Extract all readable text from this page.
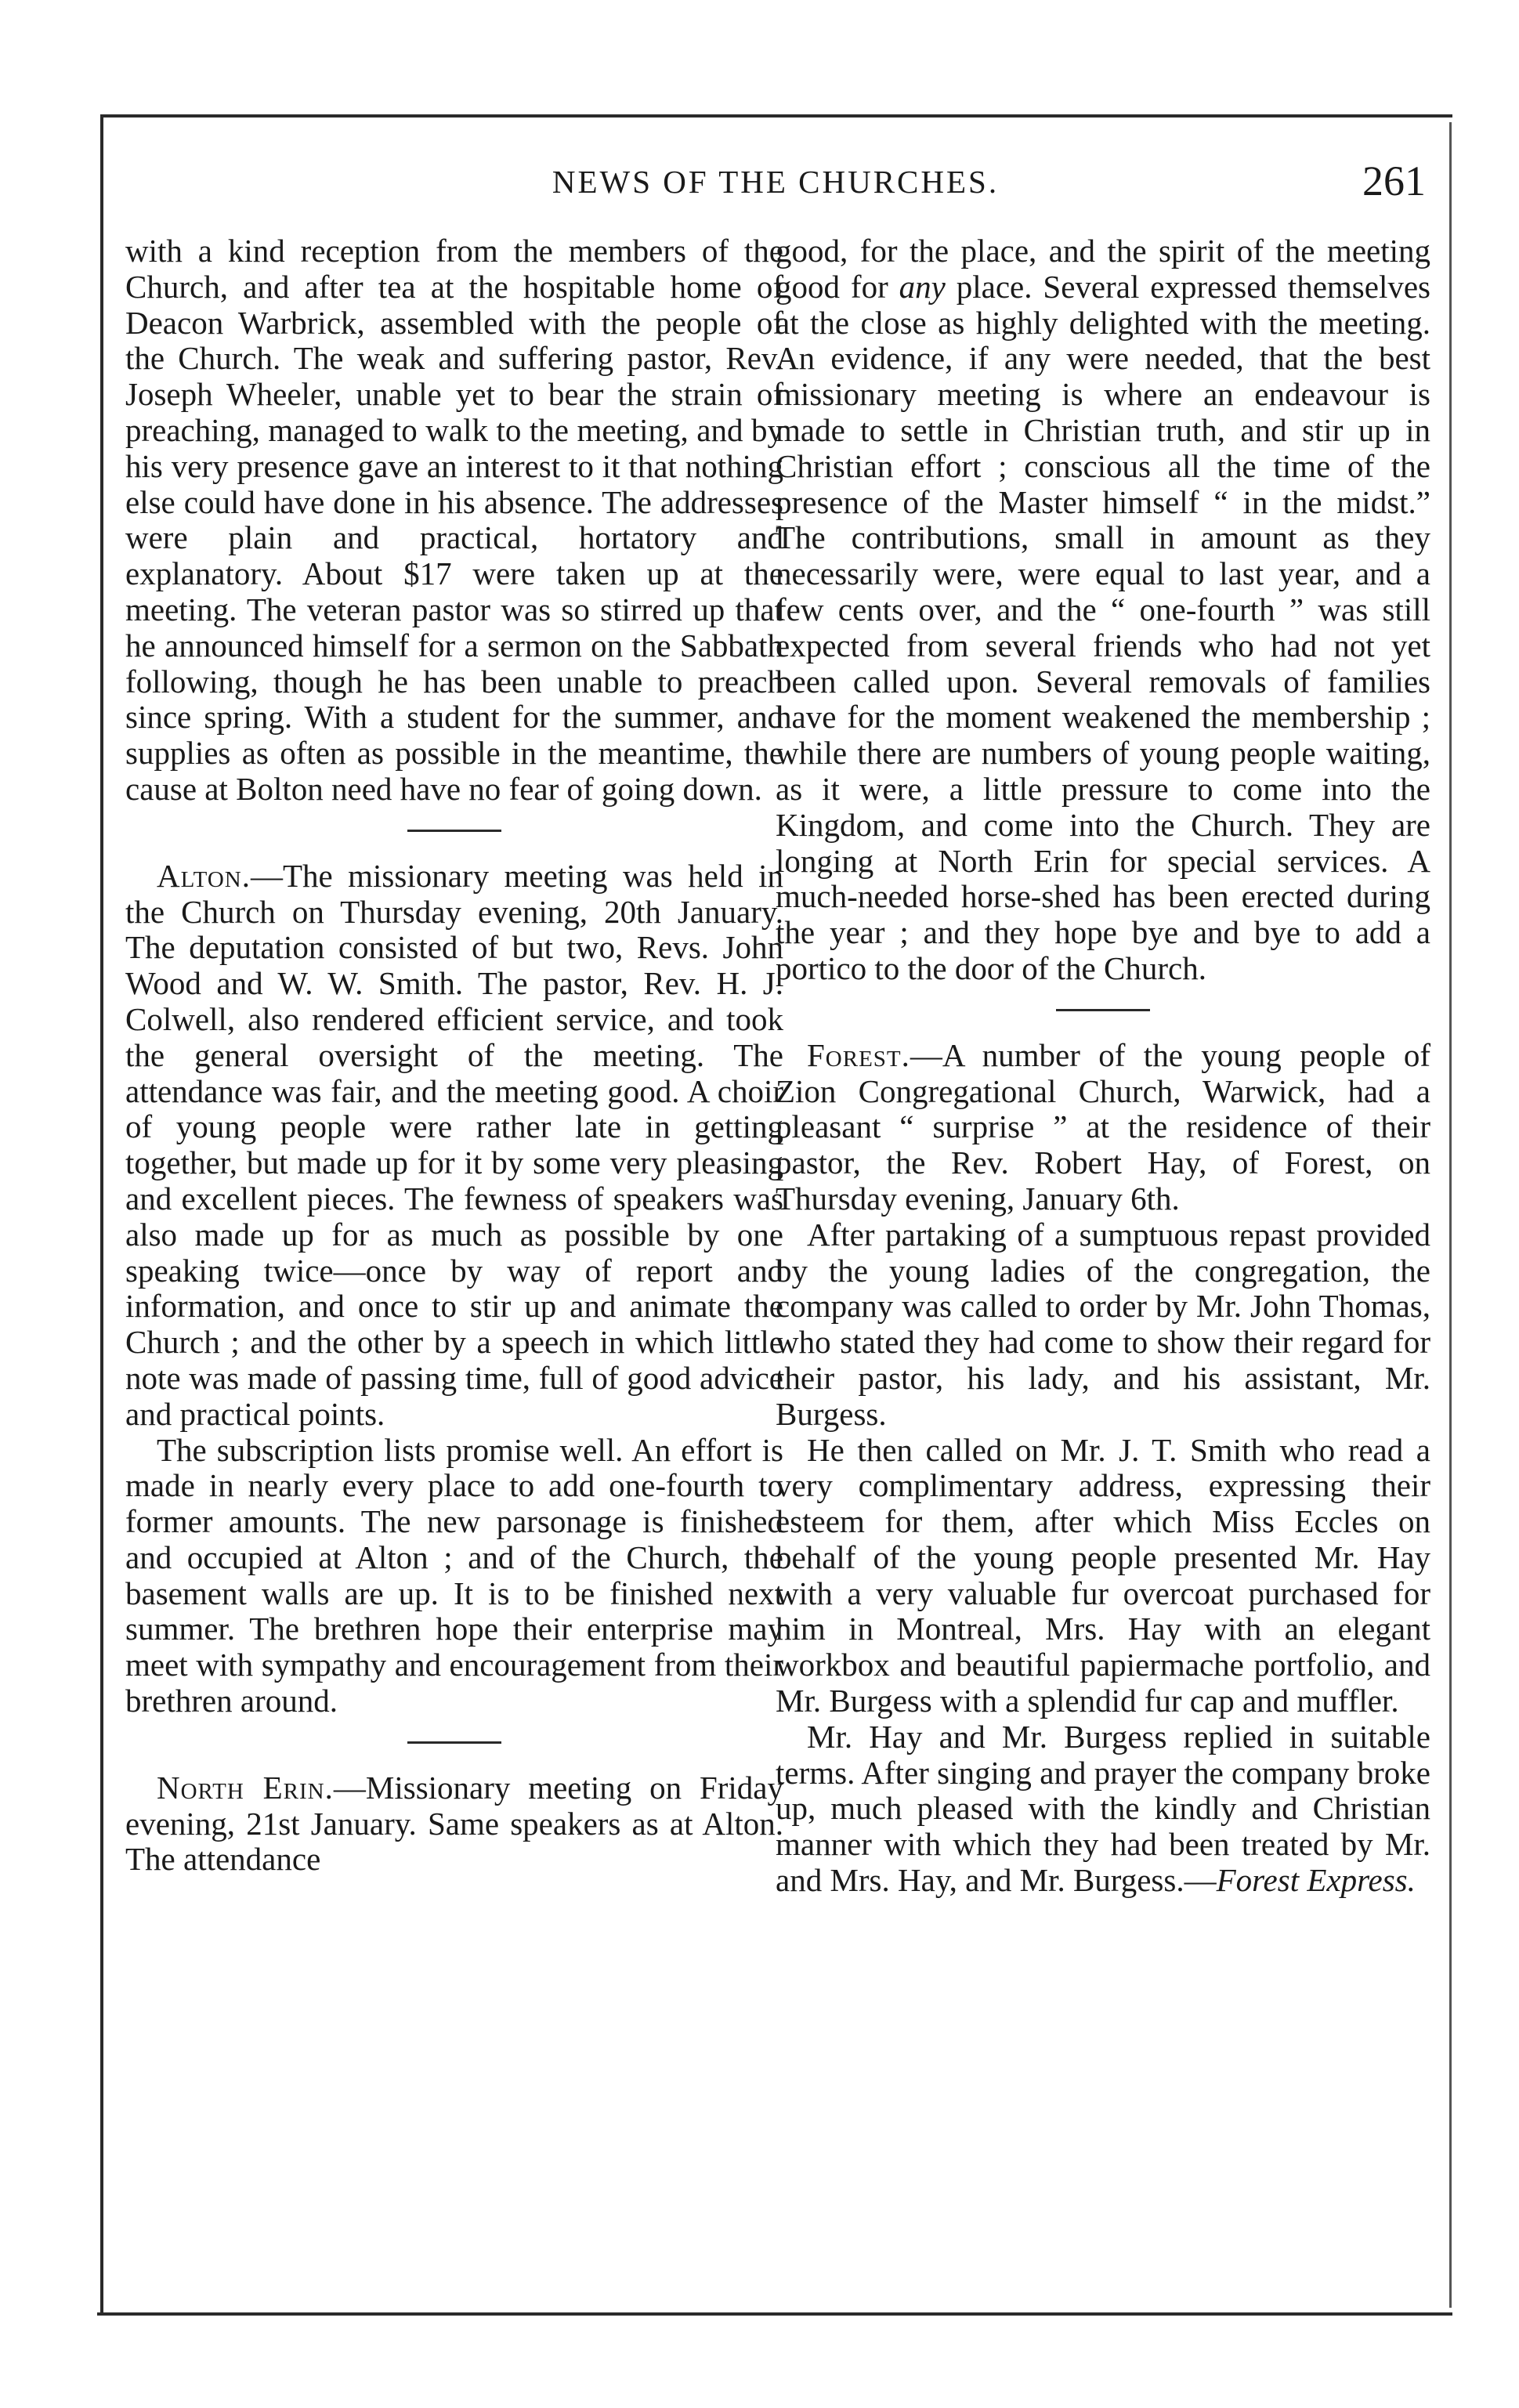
NEWS OF THE CHURCHES.	261

with a kind reception from the members of the Church, and after tea at the hospitable home of Deacon Warbrick, assembled with the people of the Church. The weak and suffering pastor, Rev. Joseph Wheeler, unable yet to bear the strain of preaching, managed to walk to the meeting, and by his very presence gave an interest to it that nothing else could have done in his absence. The addresses were plain and practical, hortatory and explanatory. About $17 were taken up at the meeting. The veteran pastor was so stirred up that he announced himself for a sermon on the Sabbath following, though he has been unable to preach since spring. With a student for the summer, and supplies as often as possible in the meantime, the cause at Bolton need have no fear of going down.

Alton.—The missionary meeting was held in the Church on Thursday evening, 20th January. The deputation consisted of but two, Revs. John Wood and W. W. Smith. The pastor, Rev. H. J. Colwell, also rendered efficient service, and took the general oversight of the meeting. The attendance was fair, and the meeting good. A choir of young people were rather late in getting together, but made up for it by some very pleasing and excellent pieces. The fewness of speakers was also made up for as much as possible by one speaking twice—once by way of report and information, and once to stir up and animate the Church ; and the other by a speech in which little note was made of passing time, full of good advice and practical points.

The subscription lists promise well. An effort is made in nearly every place to add one-fourth to former amounts. The new parsonage is finished and occupied at Alton ; and of the Church, the basement walls are up. It is to be finished next summer. The brethren hope their enterprise may meet with sympathy and encouragement from their brethren around.

North Erin.—Missionary meeting on Friday evening, 21st January. Same speakers as at Alton. The attendance

good, for the place, and the spirit of the meeting good for any place. Several expressed themselves at the close as highly delighted with the meeting. An evidence, if any were needed, that the best missionary meeting is where an endeavour is made to settle in Christian truth, and stir up in Christian effort ; conscious all the time of the presence of the Master himself “ in the midst.” The contributions, small in amount as they necessarily were, were equal to last year, and a few cents over, and the “ one-fourth ” was still expected from several friends who had not yet been called upon. Several removals of families have for the moment weakened the membership ; while there are numbers of young people waiting, as it were, a little pressure to come into the Kingdom, and come into the Church. They are longing at North Erin for special services. A much-needed horse-shed has been erected during the year ; and they hope bye and bye to add a portico to the door of the Church.

Forest.—A number of the young people of Zion Congregational Church, Warwick, had a pleasant “ surprise ” at the residence of their pastor, the Rev. Robert Hay, of Forest, on Thursday evening, January 6th.

After partaking of a sumptuous repast provided by the young ladies of the congregation, the company was called to order by Mr. John Thomas, who stated they had come to show their regard for their pastor, his lady, and his assistant, Mr. Burgess.

He then called on Mr. J. T. Smith who read a very complimentary address, expressing their esteem for them, after which Miss Eccles on behalf of the young people presented Mr. Hay with a very valuable fur overcoat purchased for him in Montreal, Mrs. Hay with an elegant workbox and beautiful papiermache portfolio, and Mr. Burgess with a splendid fur cap and muffler.

Mr. Hay and Mr. Burgess replied in suitable terms. After singing and prayer the company broke up, much pleased with the kindly and Christian manner with which they had been treated by Mr. and Mrs. Hay, and Mr. Burgess.—Forest Express.
